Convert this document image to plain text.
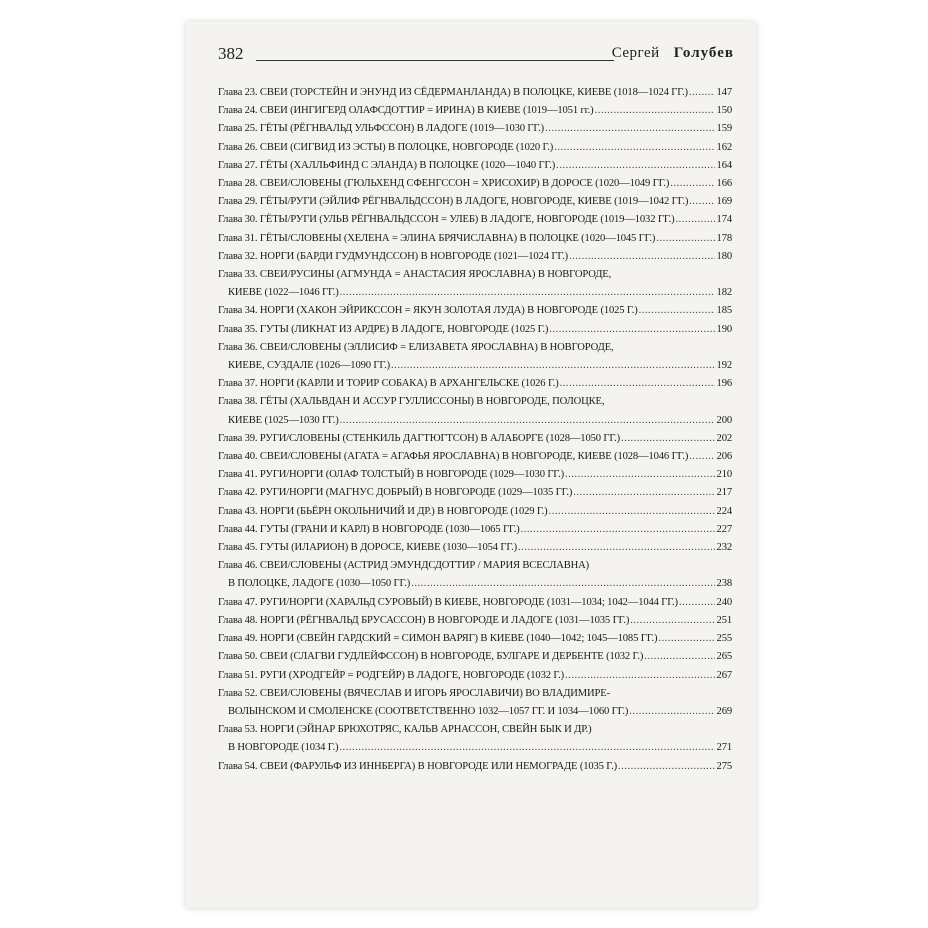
382	Сергей Голубев
Глава 23. СВЕИ (ТОРСТЕЙН И ЭНУНД ИЗ СЁДЕРМАНЛАНДА) В ПОЛОЦКЕ, КИЕВЕ (1018—1024 ГГ.) .....	147
Глава 24. СВЕИ (ИНГИГЕРД ОЛАФСДОТТИР = ИРИНА) В КИЕВЕ (1019—1051 гг.) .....	150
Глава 25. ГЁТЫ (РЁГНВАЛЬД УЛЬФССОН) В ЛАДОГЕ (1019—1030 ГГ.) .....	159
Глава 26. СВЕИ (СИГВИД ИЗ ЭСТЫ) В ПОЛОЦКЕ, НОВГОРОДЕ (1020 Г.) .....	162
Глава 27. ГЁТЫ (ХАЛЛЬФИНД С ЭЛАНДА) В ПОЛОЦКЕ (1020—1040 ГГ.) .....	164
Глава 28. СВЕИ/СЛОВЕНЫ (ГЮЛЬХЕНД СФЕНГССОН = ХРИСОХИР) В ДОРОСЕ (1020—1049 ГГ.) .....	166
Глава 29. ГЁТЫ/РУГИ (ЭЙЛИФ РЁГНВАЛЬДССОН) В ЛАДОГЕ, НОВГОРОДЕ, КИЕВЕ (1019—1042 ГГ.) .....	169
Глава 30. ГЁТЫ/РУГИ (УЛЬВ РЁГНВАЛЬДССОН = УЛЕБ) В ЛАДОГЕ, НОВГОРОДЕ (1019—1032 ГГ.) .....	174
Глава 31. ГЁТЫ/СЛОВЕНЫ (ХЕЛЕНА = ЭЛИНА БРЯЧИСЛАВНА) В ПОЛОЦКЕ (1020—1045 ГГ.) .....	178
Глава 32. НОРГИ (БАРДИ ГУДМУНДССОН) В НОВГОРОДЕ (1021—1024 ГГ.) .....	180
Глава 33. СВЕИ/РУСИНЫ (АГМУНДА = АНАСТАСИЯ ЯРОСЛАВНА) В НОВГОРОДЕ,
КИЕВЕ (1022—1046 ГГ.) .....	182
Глава 34. НОРГИ (ХАКОН ЭЙРИКССОН = ЯКУН ЗОЛОТАЯ ЛУДА) В НОВГОРОДЕ (1025 Г.) .....	185
Глава 35. ГУТЫ (ЛИКНАТ ИЗ АРДРЕ) В ЛАДОГЕ, НОВГОРОДЕ (1025 Г.) .....	190
Глава 36. СВЕИ/СЛОВЕНЫ (ЭЛЛИСИФ = ЕЛИЗАВЕТА ЯРОСЛАВНА) В НОВГОРОДЕ,
КИЕВЕ, СУЗДАЛЕ (1026—1090 ГГ.) .....	192
Глава 37. НОРГИ (КАРЛИ И ТОРИР СОБАКА) В АРХАНГЕЛЬСКЕ (1026 Г.) .....	196
Глава 38. ГЁТЫ (ХАЛЬВДАН И АССУР ГУЛЛИССОНЫ) В НОВГОРОДЕ, ПОЛОЦКЕ,
КИЕВЕ (1025—1030 ГГ.) .....	200
Глава 39. РУГИ/СЛОВЕНЫ (СТЕНКИЛЬ ДАГТЮГТСОН) В АЛАБОРГЕ (1028—1050 ГГ.) .....	202
Глава 40. СВЕИ/СЛОВЕНЫ (АГАТА = АГАФЬЯ ЯРОСЛАВНА) В НОВГОРОДЕ, КИЕВЕ (1028—1046 ГГ.) .....	206
Глава 41. РУГИ/НОРГИ (ОЛАФ ТОЛСТЫЙ) В НОВГОРОДЕ (1029—1030 ГГ.) .....	210
Глава 42. РУГИ/НОРГИ (МАГНУС ДОБРЫЙ) В НОВГОРОДЕ (1029—1035 ГГ.) .....	217
Глава 43. НОРГИ (БЬЁРН ОКОЛЬНИЧИЙ И ДР.) В НОВГОРОДЕ (1029 Г.) .....	224
Глава 44. ГУТЫ (ГРАНИ И КАРЛ) В НОВГОРОДЕ (1030—1065 ГГ.) .....	227
Глава 45. ГУТЫ (ИЛАРИОН) В ДОРОСЕ, КИЕВЕ (1030—1054 ГГ.) .....	232
Глава 46. СВЕИ/СЛОВЕНЫ (АСТРИД ЭМУНДСДОТТИР / МАРИЯ ВСЕСЛАВНА)
В ПОЛОЦКЕ, ЛАДОГЕ (1030—1050 ГГ.) .....	238
Глава 47. РУГИ/НОРГИ (ХАРАЛЬД СУРОВЫЙ) В КИЕВЕ, НОВГОРОДЕ (1031—1034; 1042—1044 ГГ.) .....	240
Глава 48. НОРГИ (РЁГНВАЛЬД БРУСАССОН) В НОВГОРОДЕ И ЛАДОГЕ (1031—1035 ГГ.) .....	251
Глава 49. НОРГИ (СВЕЙН ГАРДСКИЙ = СИМОН ВАРЯГ) В КИЕВЕ (1040—1042; 1045—1085 ГГ.) .....	255
Глава 50. СВЕИ (СЛАГВИ ГУДЛЕЙФССОН) В НОВГОРОДЕ, БУЛГАРЕ И ДЕРБЕНТЕ (1032 Г.) .....	265
Глава 51. РУГИ (ХРОДГЕЙР = РОДГЕЙР) В ЛАДОГЕ, НОВГОРОДЕ (1032 Г.) .....	267
Глава 52. СВЕИ/СЛОВЕНЫ (ВЯЧЕСЛАВ И ИГОРЬ ЯРОСЛАВИЧИ) ВО ВЛАДИМИРЕ-
ВОЛЫНСКОМ И СМОЛЕНСКЕ (СООТВЕТСТВЕННО 1032—1057 ГГ. И 1034—1060 ГГ.) .....	269
Глава 53. НОРГИ (ЭЙНАР БРЮХОТРЯС, КАЛЬВ АРНАССОН, СВЕЙН БЫК И ДР.)
В НОВГОРОДЕ (1034 Г.) .....	271
Глава 54. СВЕИ (ФАРУЛЬФ ИЗ ИННБЕРГА) В НОВГОРОДЕ ИЛИ НЕМОГРАДЕ (1035 Г.) .....	275
